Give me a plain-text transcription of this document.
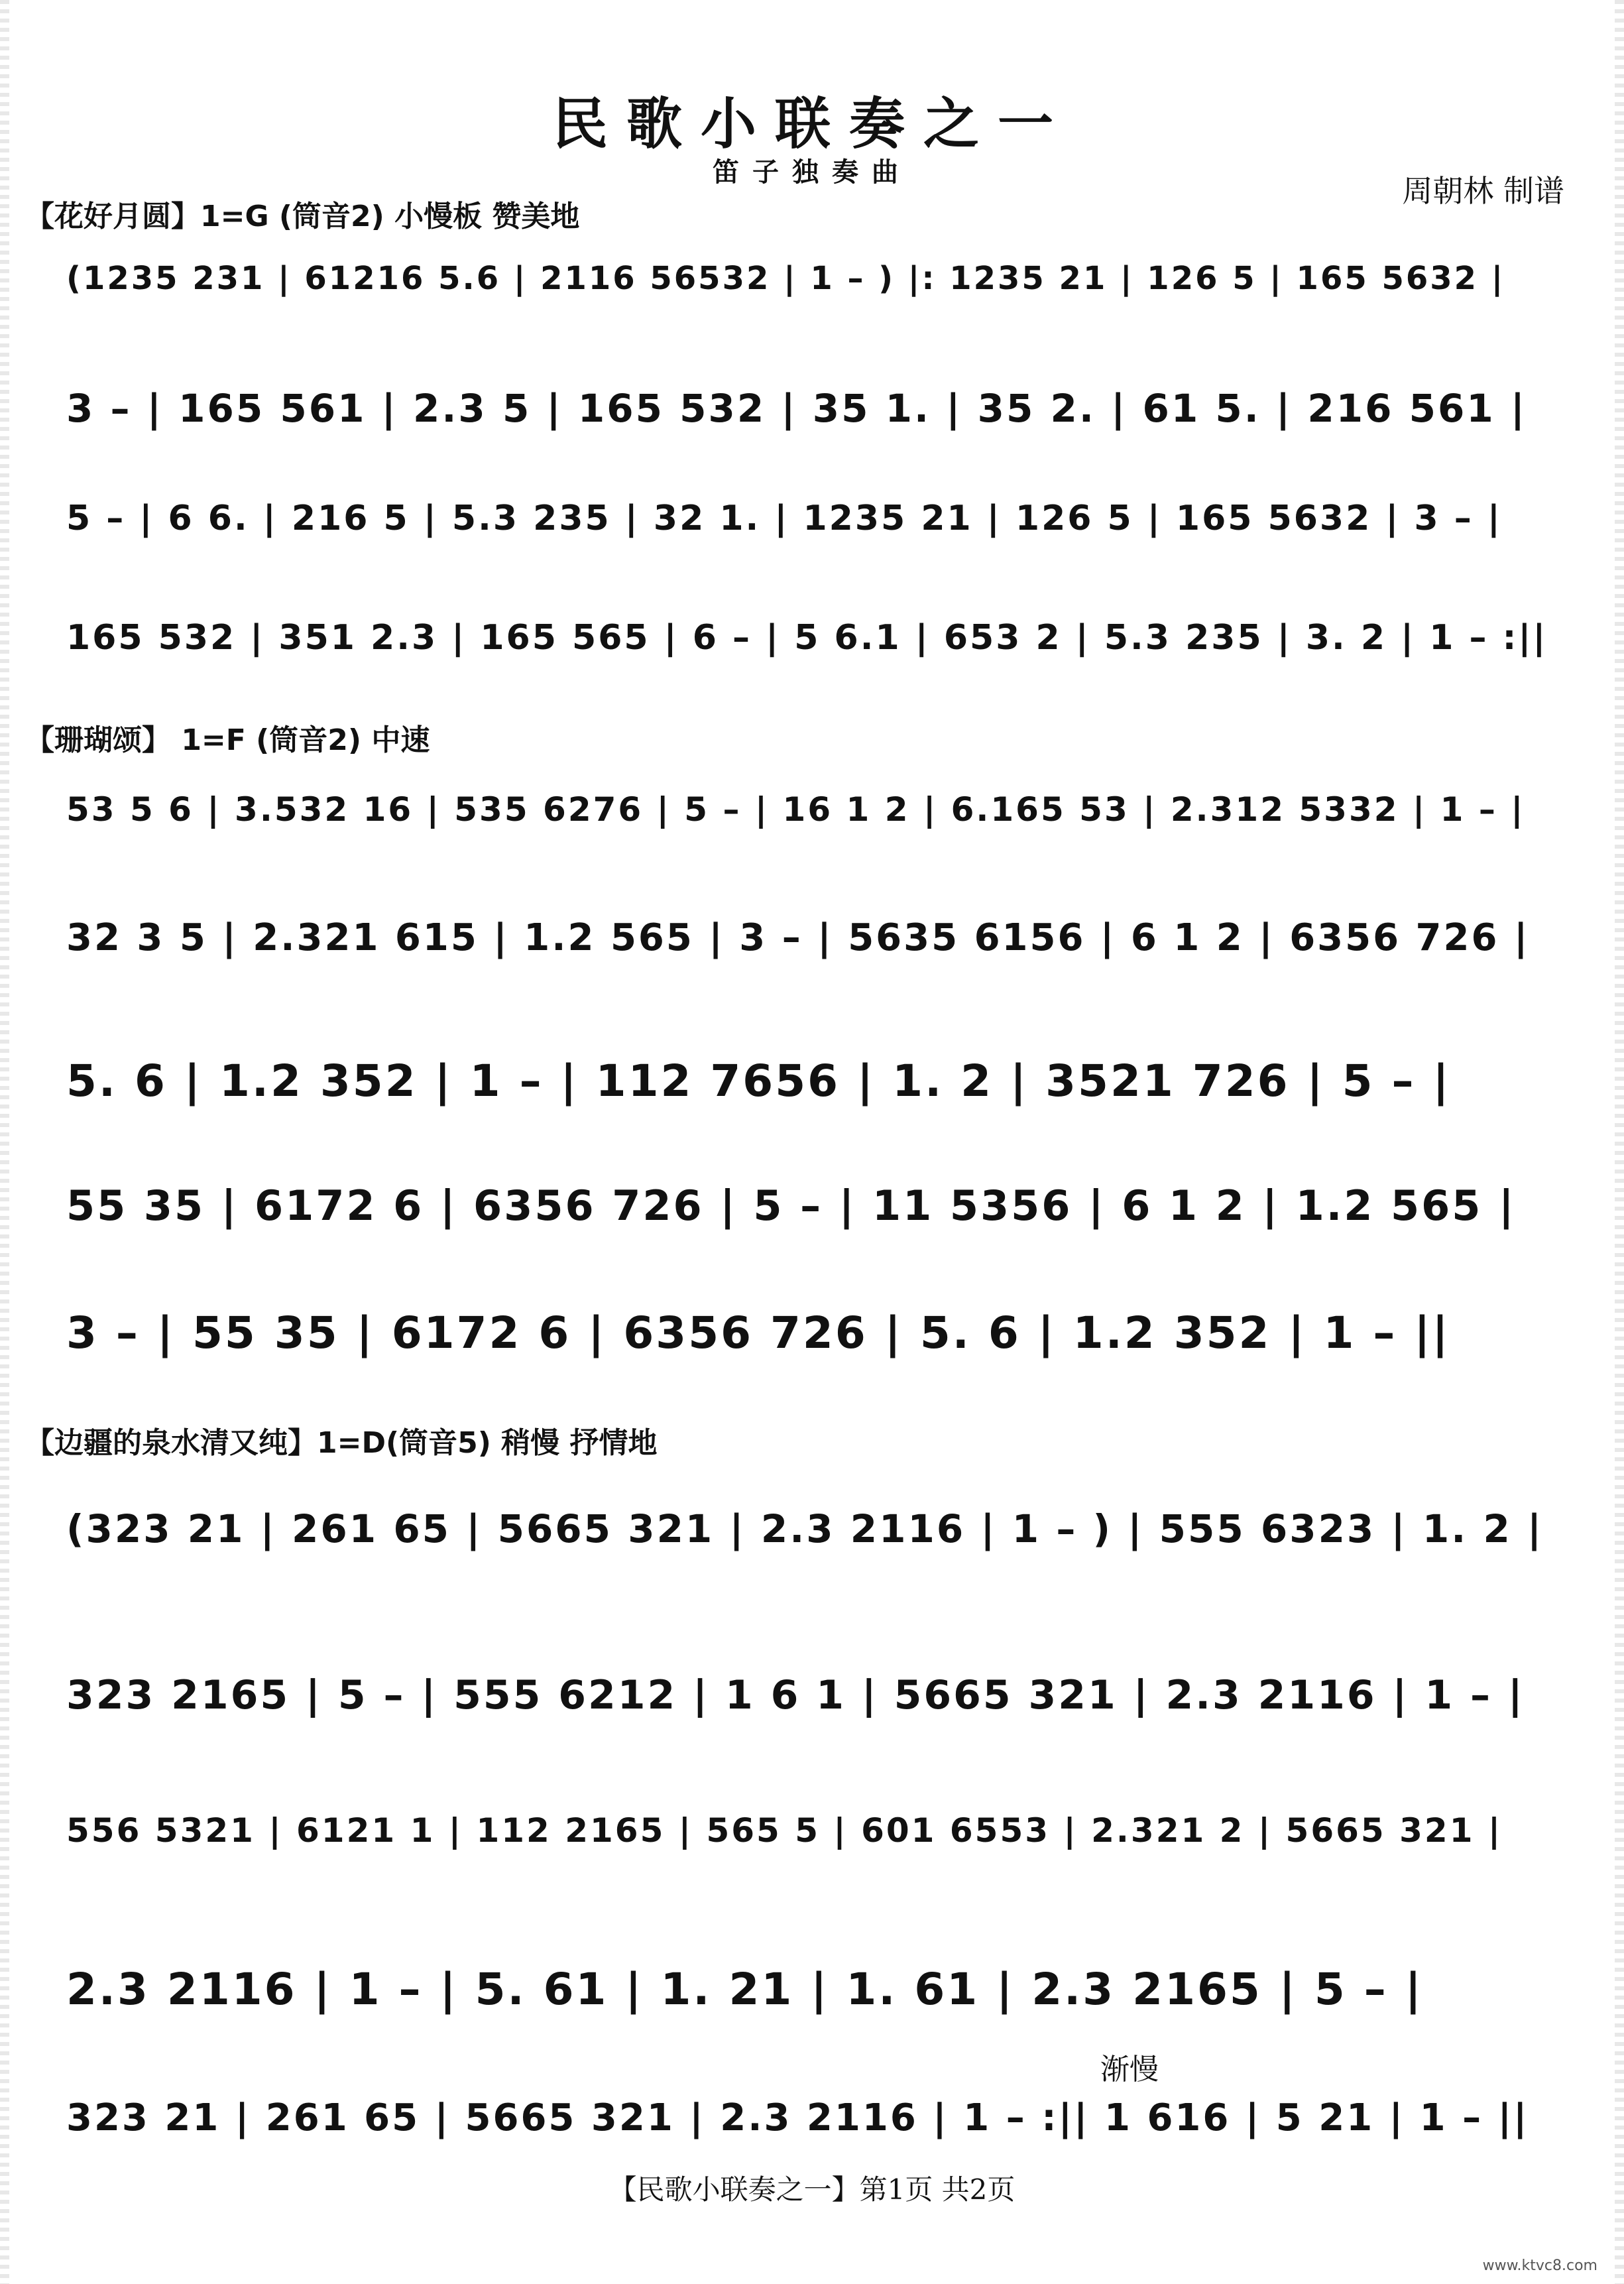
民歌小联奏之一
笛子独奏曲
周朝林 制谱
【花好月圆】1=G (筒音2) 小慢板 赞美地
(1235 231 | 61216 5.6 | 2116 56532 | 1 – ) |: 1235 21 | 126 5 | 165 5632 |
3 – | 165 561 | 2.3 5 | 165 532 | 35 1. | 35 2. | 61 5. | 216 561 |
5 – | 6 6. | 216 5 | 5.3 235 | 32 1. | 1235 21 | 126 5 | 165 5632 | 3 – |
165 532 | 351 2.3 | 165 565 | 6 – | 5 6.1 | 653 2 | 5.3 235 | 3. 2 | 1 – :||
【珊瑚颂】 1=F (筒音2) 中速
53 5 6 | 3.532 16 | 535 6276 | 5 – | 16 1 2 | 6.165 53 | 2.312 5332 | 1 – |
32 3 5 | 2.321 615 | 1.2 565 | 3 – | 5635 6156 | 6 1 2 | 6356 726 |
5. 6 | 1.2 352 | 1 – | 112 7656 | 1. 2 | 3521 726 | 5 – |
55 35 | 6172 6 | 6356 726 | 5 – | 11 5356 | 6 1 2 | 1.2 565 |
3 – | 55 35 | 6172 6 | 6356 726 | 5. 6 | 1.2 352 | 1 – ||
【边疆的泉水清又纯】1=D(筒音5) 稍慢 抒情地
(323 21 | 261 65 | 5665 321 | 2.3 2116 | 1 – ) | 555 6323 | 1. 2 |
323 2165 | 5 – | 555 6212 | 1 6 1 | 5665 321 | 2.3 2116 | 1 – |
556 5321 | 6121 1 | 112 2165 | 565 5 | 601 6553 | 2.321 2 | 5665 321 |
2.3 2116 | 1 – | 5. 61 | 1. 21 | 1. 61 | 2.3 2165 | 5 – |
323 21 | 261 65 | 5665 321 | 2.3 2116 | 1 – :|| 1 616 | 5 21 | 1 – ||
渐慢
【民歌小联奏之一】第1页 共2页
www.ktvc8.com
